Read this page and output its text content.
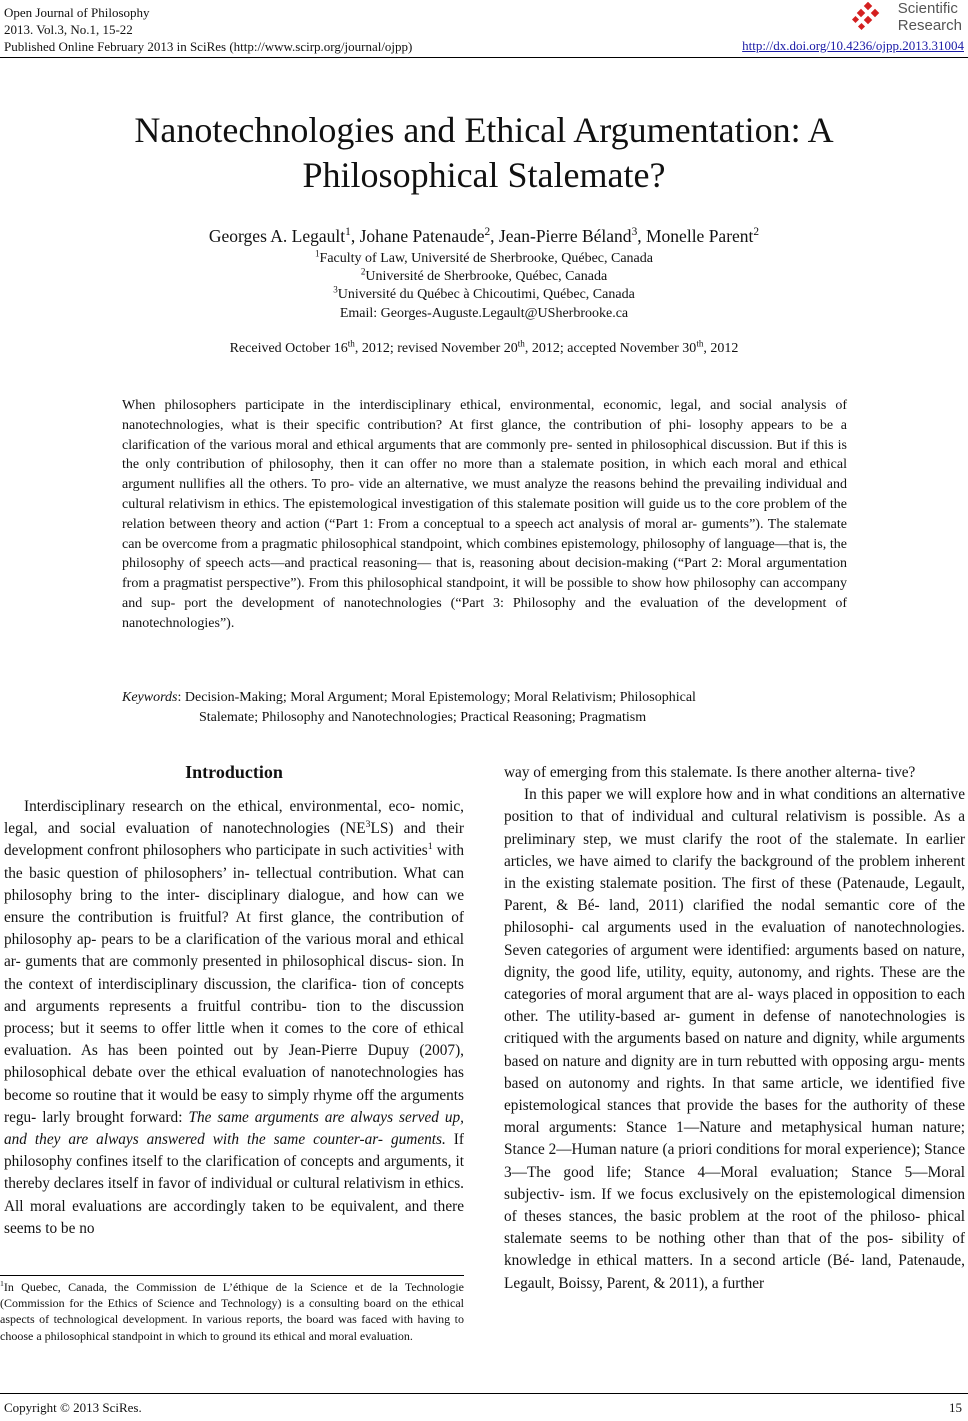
Open Journal of Philosophy
2013. Vol.3, No.1, 15-22
Published Online February 2013 in SciRes (http://www.scirp.org/journal/ojpp)
Scientific
Research
http://dx.doi.org/10.4236/ojpp.2013.31004
Nanotechnologies and Ethical Argumentation: A Philosophical Stalemate?
Georges A. Legault$^1$, Johane Patenaude$^2$, Jean-Pierre Béland$^3$, Monelle Parent$^2$
$^1$Faculty of Law, Université de Sherbrooke, Québec, Canada
$^2$Université de Sherbrooke, Québec, Canada
$^3$Université du Québec à Chicoutimi, Québec, Canada
Email: Georges-Auguste.Legault@USherbrooke.ca
Received October 16th, 2012; revised November 20th, 2012; accepted November 30th, 2012
When philosophers participate in the interdisciplinary ethical, environmental, economic, legal, and social analysis of nanotechnologies, what is their specific contribution? At first glance, the contribution of phi- losophy appears to be a clarification of the various moral and ethical arguments that are commonly pre- sented in philosophical discussion. But if this is the only contribution of philosophy, then it can offer no more than a stalemate position, in which each moral and ethical argument nullifies all the others. To pro- vide an alternative, we must analyze the reasons behind the prevailing individual and cultural relativism in ethics. The epistemological investigation of this stalemate position will guide us to the core problem of the relation between theory and action (“Part 1: From a conceptual to a speech act analysis of moral ar- guments”). The stalemate can be overcome from a pragmatic philosophical standpoint, which combines epistemology, philosophy of language—that is, the philosophy of speech acts—and practical reasoning— that is, reasoning about decision-making (“Part 2: Moral argumentation from a pragmatist perspective”). From this philosophical standpoint, it will be possible to show how philosophy can accompany and sup- port the development of nanotechnologies (“Part 3: Philosophy and the evaluation of the development of nanotechnologies”).
Keywords: Decision-Making; Moral Argument; Moral Epistemology; Moral Relativism; Philosophical
Stalemate; Philosophy and Nanotechnologies; Practical Reasoning; Pragmatism
Introduction

Interdisciplinary research on the ethical, environmental, eco- nomic, legal, and social evaluation of nanotechnologies $(NE^3LS)$ and their development confront philosophers who participate in such activities$^1$ with the basic question of philosophers’ in- tellectual contribution. What can philosophy bring to the inter- disciplinary dialogue, and how can we ensure the contribution is fruitful? At first glance, the contribution of philosophy ap- pears to be a clarification of the various moral and ethical ar- guments that are commonly presented in philosophical discus- sion. In the context of interdisciplinary discussion, the clarifica- tion of concepts and arguments represents a fruitful contribu- tion to the discussion process; but it seems to offer little when it comes to the core of ethical evaluation. As has been pointed out by Jean-Pierre Dupuy (2007), philosophical debate over the ethical evaluation of nanotechnologies has become so routine that it would be easy to simply rhyme off the arguments regu- larly brought forward: The same arguments are always served up, and they are always answered with the same counter-ar- guments. If philosophy confines itself to the clarification of concepts and arguments, it thereby declares itself in favor of individual or cultural relativism in ethics. All moral evaluations are accordingly taken to be equivalent, and there seems to be no

$^1$In Quebec, Canada, the Commission de L’éthique de la Science et de la Technologie (Commission for the Ethics of Science and Technology) is a consulting board on the ethical aspects of technological development. In various reports, the board was faced with having to choose a philosophical standpoint in which to ground its ethical and moral evaluation.

way of emerging from this stalemate. Is there another alterna- tive?

In this paper we will explore how and in what conditions an alternative position to that of individual and cultural relativism is possible. As a preliminary step, we must clarify the root of the stalemate. In earlier articles, we have aimed to clarify the background of the problem inherent in the existing stalemate position. The first of these (Patenaude, Legault, Parent, & Bé- land, 2011) clarified the nodal semantic core of the philosophi- cal arguments used in the evaluation of nanotechnologies. Seven categories of argument were identified: arguments based on nature, dignity, the good life, utility, equity, autonomy, and rights. These are the categories of moral argument that are al- ways placed in opposition to each other. The utility-based ar- gument in defense of nanotechnologies is critiqued with the arguments based on nature and dignity, while arguments based on nature and dignity are in turn rebutted with opposing argu- ments based on autonomy and rights. In that same article, we identified five epistemological stances that provide the bases for the authority of these moral arguments: Stance 1—Nature and metaphysical human nature; Stance 2—Human nature (a priori conditions for moral experience); Stance 3—The good life; Stance 4—Moral evaluation; Stance 5—Moral subjectiv- ism. If we focus exclusively on the epistemological dimension of theses stances, the basic problem at the root of the philoso- phical stalemate seems to be nothing other than that of the pos- sibility of knowledge in ethical matters. In a second article (Bé- land, Patenaude, Legault, Boissy, Parent, & 2011), a further

Copyright © 2013 SciRes.	15
